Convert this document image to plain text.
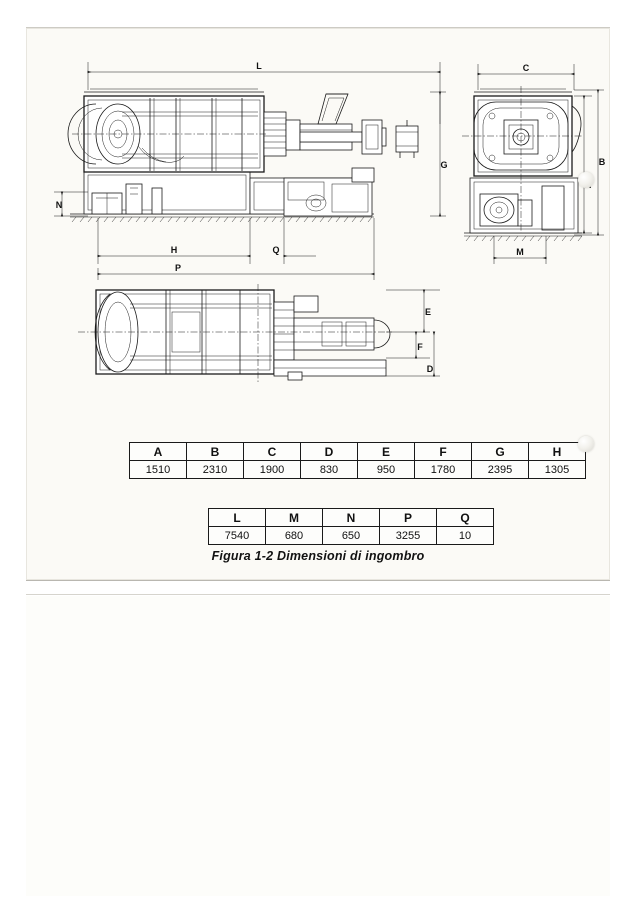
L
G
N
H	Q
P
C
B
M
E
F
D
A	B	C	D	E	F	G	H
1510	2310	1900	830	950	1780	2395	1305
L	M	N	P	Q
7540	680	650	3255	10
Figura 1-2 Dimensioni di ingombro
